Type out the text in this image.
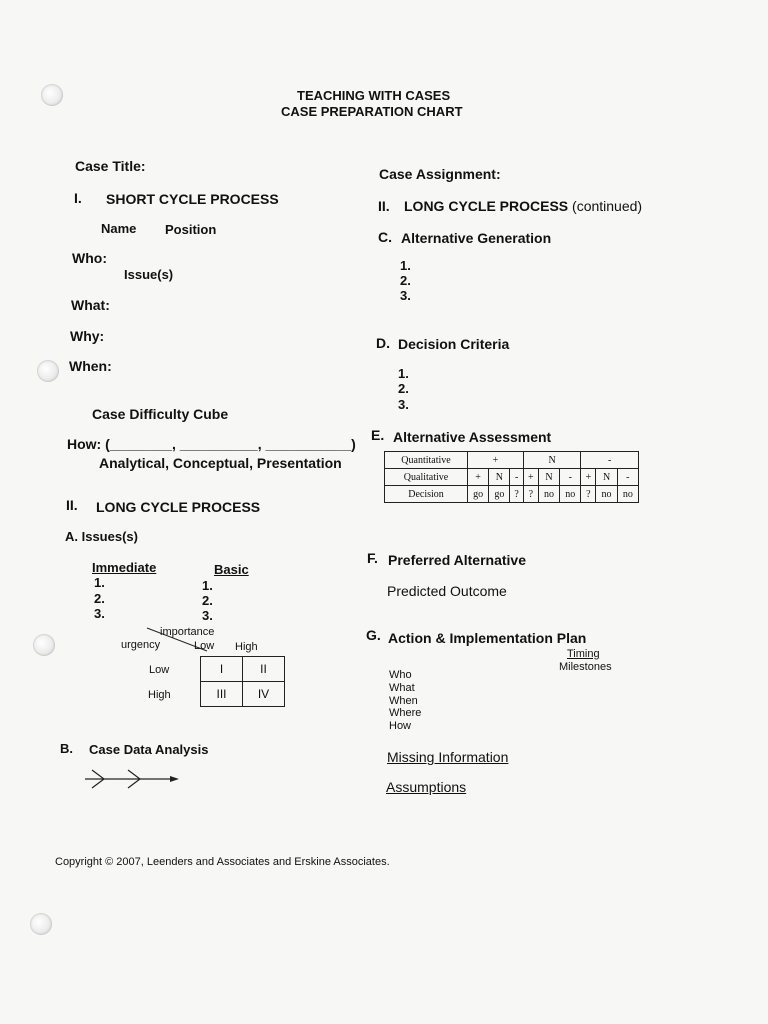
TEACHING WITH CASES
CASE PREPARATION CHART
Case Title:
I. SHORT CYCLE PROCESS
Name Position
Who:
Issue(s)
What:
Why:
When:
Case Difficulty Cube
How: (________, __________, ___________)
Analytical, Conceptual, Presentation
II. LONG CYCLE PROCESS
A. Issues(s)
Immediate
1.
2.
3.
Basic
1.
2.
3.
importance
urgency	Low High
Low
High
I	II
III	IV
B. Case Data Analysis
Case Assignment:
II. LONG CYCLE PROCESS (continued)
C. Alternative Generation
1.
2.
3.
D. Decision Criteria
1.
2.
3.
E. Alternative Assessment
Quantitative	+			N			-		
Qualitative	+	N	-	+	N	-	+	N	-
Decision	go	go	?	?	no	no	?	no	no
F. Preferred Alternative
Predicted Outcome
G. Action & Implementation Plan
Timing
Milestones
Who
What
When
Where
How
Missing Information
Assumptions
Copyright © 2007, Leenders and Associates and Erskine Associates.
